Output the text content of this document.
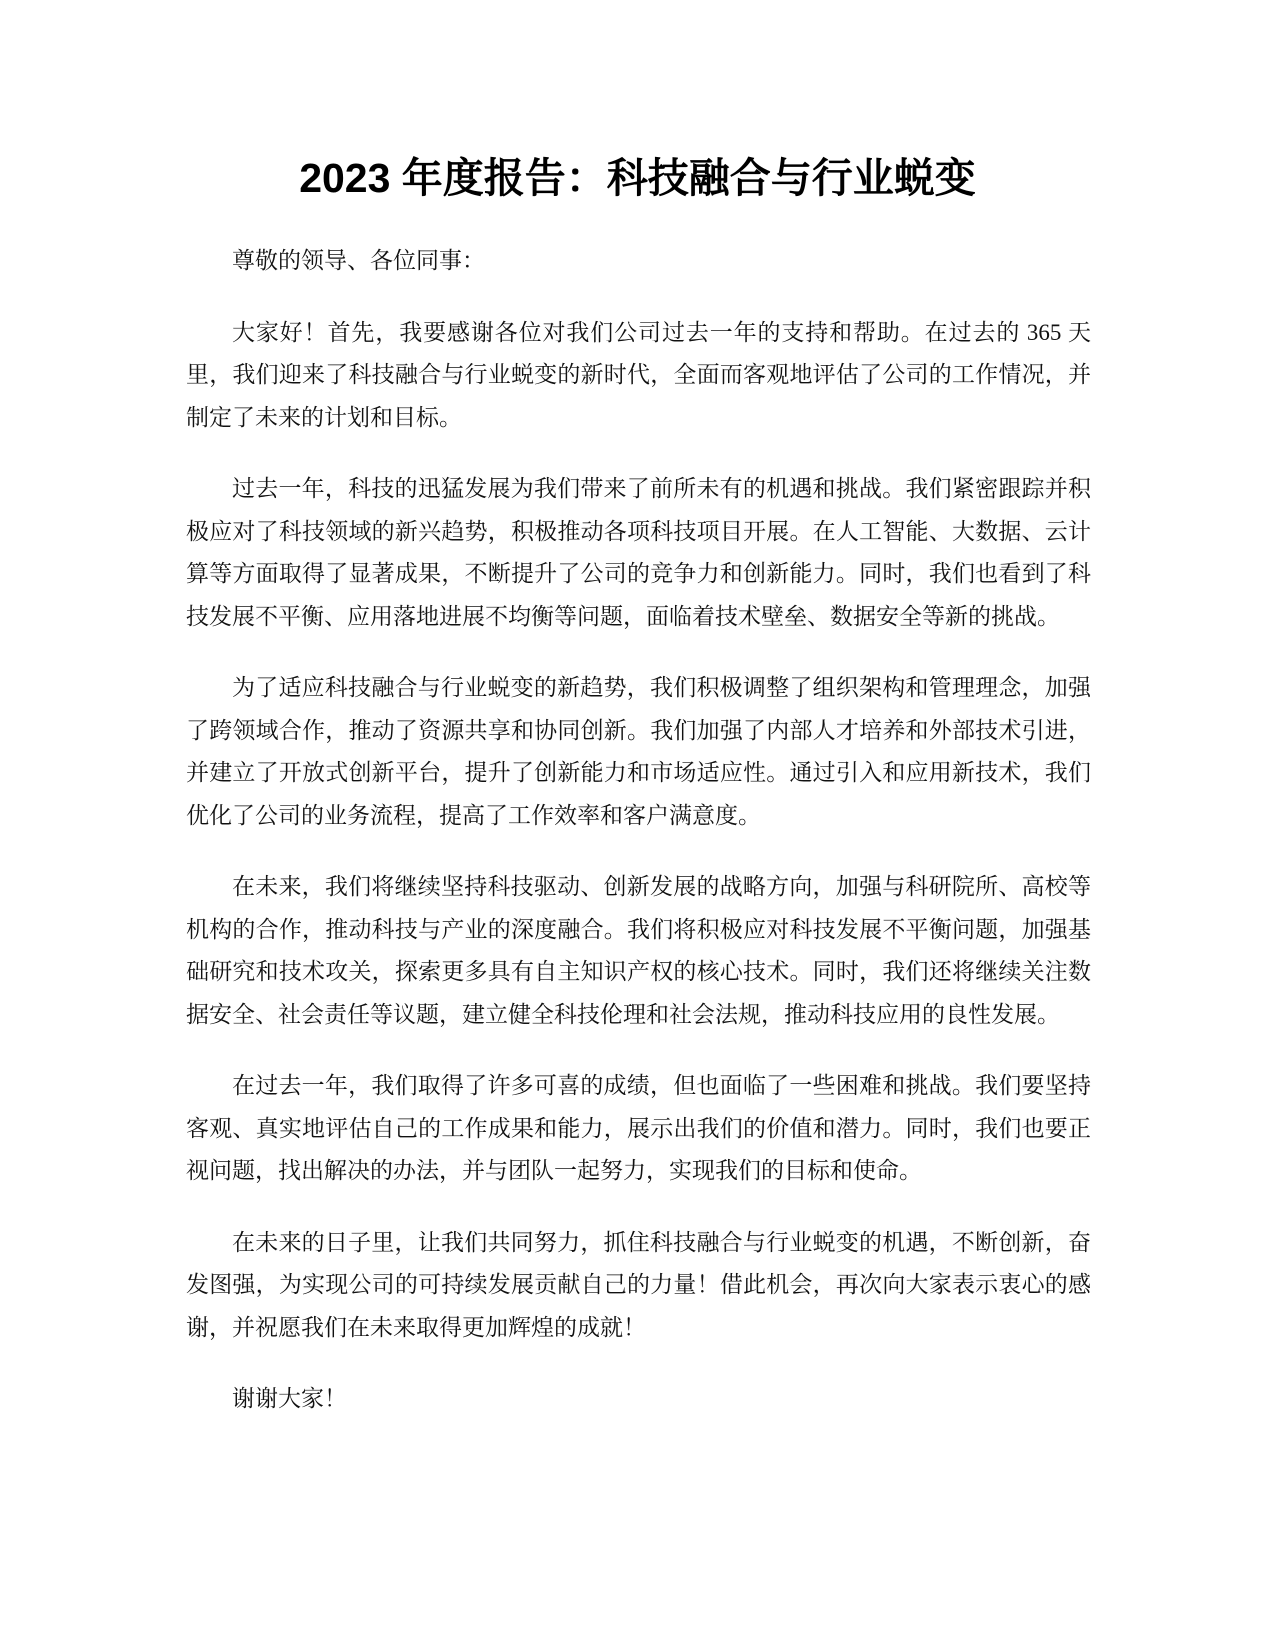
2023 年度报告：科技融合与行业蜕变

尊敬的领导、各位同事：

大家好！首先，我要感谢各位对我们公司过去一年的支持和帮助。在过去的 365 天里，我们迎来了科技融合与行业蜕变的新时代，全面而客观地评估了公司的工作情况，并制定了未来的计划和目标。

过去一年，科技的迅猛发展为我们带来了前所未有的机遇和挑战。我们紧密跟踪并积极应对了科技领域的新兴趋势，积极推动各项科技项目开展。在人工智能、大数据、云计算等方面取得了显著成果，不断提升了公司的竞争力和创新能力。同时，我们也看到了科技发展不平衡、应用落地进展不均衡等问题，面临着技术壁垒、数据安全等新的挑战。

为了适应科技融合与行业蜕变的新趋势，我们积极调整了组织架构和管理理念，加强了跨领域合作，推动了资源共享和协同创新。我们加强了内部人才培养和外部技术引进，并建立了开放式创新平台，提升了创新能力和市场适应性。通过引入和应用新技术，我们优化了公司的业务流程，提高了工作效率和客户满意度。

在未来，我们将继续坚持科技驱动、创新发展的战略方向，加强与科研院所、高校等机构的合作，推动科技与产业的深度融合。我们将积极应对科技发展不平衡问题，加强基础研究和技术攻关，探索更多具有自主知识产权的核心技术。同时，我们还将继续关注数据安全、社会责任等议题，建立健全科技伦理和社会法规，推动科技应用的良性发展。

在过去一年，我们取得了许多可喜的成绩，但也面临了一些困难和挑战。我们要坚持客观、真实地评估自己的工作成果和能力，展示出我们的价值和潜力。同时，我们也要正视问题，找出解决的办法，并与团队一起努力，实现我们的目标和使命。

在未来的日子里，让我们共同努力，抓住科技融合与行业蜕变的机遇，不断创新，奋发图强，为实现公司的可持续发展贡献自己的力量！借此机会，再次向大家表示衷心的感谢，并祝愿我们在未来取得更加辉煌的成就！

谢谢大家！
